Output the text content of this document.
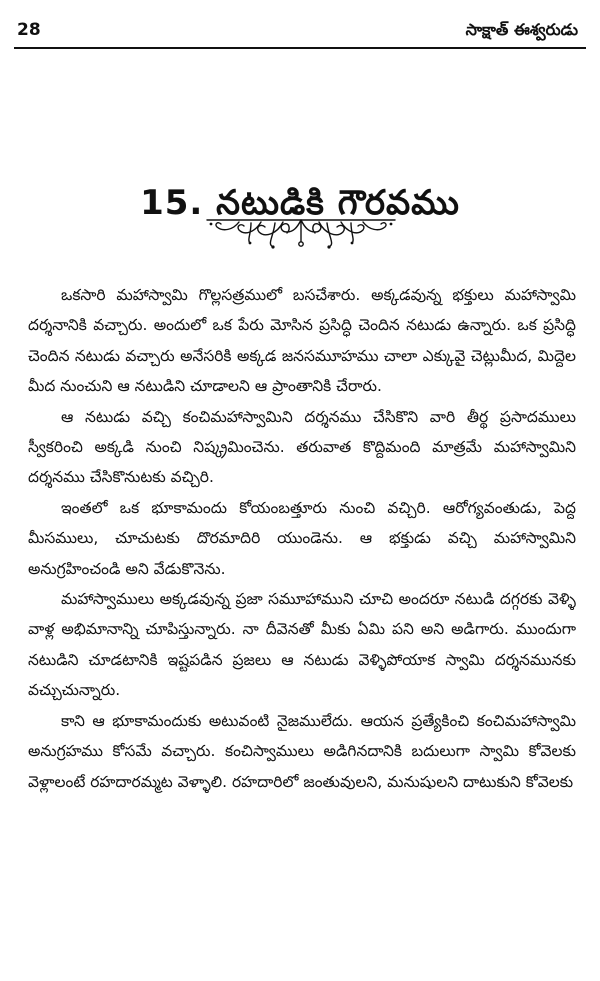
28	సాక్షాత్ ఈశ్వరుడు
15. నటుడికి గౌరవము

ఒకసారి మహాస్వామి గొల్లసత్రములో బసచేశారు. అక్కడవున్న భక్తులు మహాస్వామి దర్శనానికి వచ్చారు. అందులో ఒక పేరు మోసిన ప్రసిద్ధి చెందిన నటుడు ఉన్నారు. ఒక ప్రసిద్ధి చెందిన నటుడు వచ్చారు అనేసరికి అక్కడ జనసమూహము చాలా ఎక్కువై చెట్లుమీద, మిద్దెల మీద నుంచుని ఆ నటుడిని చూడాలని ఆ ప్రాంతానికి చేరారు.

ఆ నటుడు వచ్చి కంచిమహాస్వామిని దర్శనము చేసికొని వారి తీర్థ ప్రసాదములు స్వీకరించి అక్కడి నుంచి నిష్క్రమించెను. తరువాత కొద్దిమంది మాత్రమే మహాస్వామిని దర్శనము చేసికొనుటకు వచ్చిరి.

ఇంతలో ఒక భూకామందు కోయంబత్తూరు నుంచి వచ్చిరి. ఆరోగ్యవంతుడు, పెద్ద మీసములు, చూచుటకు దొరమాదిరి యుండెను. ఆ భక్తుడు వచ్చి మహాస్వామిని అనుగ్రహించండి అని వేడుకొనెను.

మహాస్వాములు అక్కడవున్న ప్రజా సమూహాముని చూచి అందరూ నటుడి దగ్గరకు వెళ్ళి వాళ్ల అభిమానాన్ని చూపిస్తున్నారు. నా దీవెనతో మీకు ఏమి పని అని అడిగారు. ముందుగా నటుడిని చూడటానికి ఇష్టపడిన ప్రజలు ఆ నటుడు వెళ్ళిపోయాక స్వామి దర్శనమునకు వచ్చుచున్నారు.

కాని ఆ భూకామందుకు అటువంటి నైజములేదు. ఆయన ప్రత్యేకించి కంచిమహాస్వామి అనుగ్రహము కోసమే వచ్చారు. కంచిస్వాములు అడిగినదానికి బదులుగా స్వామి కోవెలకు వెళ్లాలంటే రహదారమ్మట వెళ్ళాలి. రహదారిలో జంతువులని, మనుషులని దాటుకుని కోవెలకు
